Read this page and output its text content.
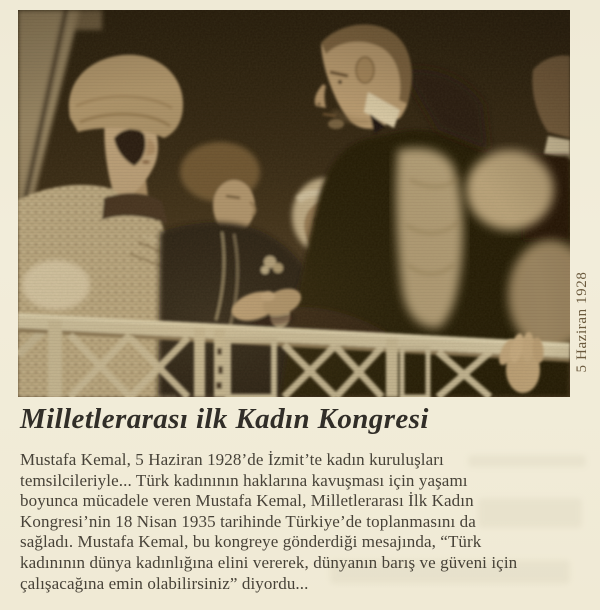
5 Haziran 1928
Milletlerarası ilk Kadın Kongresi
Mustafa Kemal, 5 Haziran 1928’de İzmit’te kadın kuruluşları
temsilcileriyle... Türk kadınının haklarına kavuşması için yaşamı
boyunca mücadele veren Mustafa Kemal, Milletlerarası İlk Kadın
Kongresi’nin 18 Nisan 1935 tarihinde Türkiye’de toplanmasını da
sağladı. Mustafa Kemal, bu kongreye gönderdiği mesajında, “Türk
kadınının dünya kadınlığına elini vererek, dünyanın barış ve güveni için
çalışacağına emin olabilirsiniz” diyordu...
